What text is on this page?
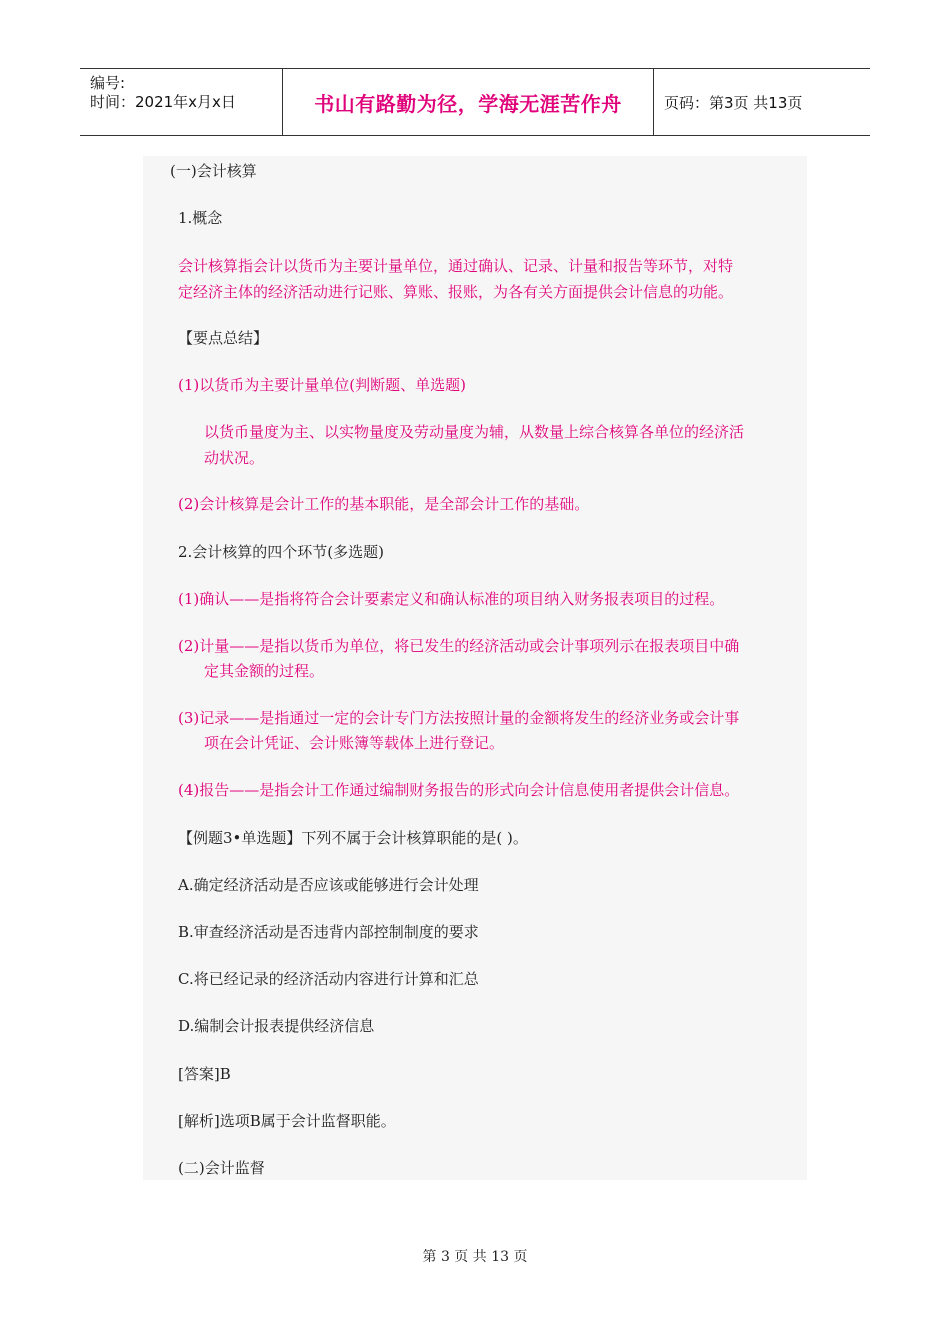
编号:
时间：2021年x月x日	书山有路勤为径，学海无涯苦作舟	页码：第3页 共13页
(一)会计核算
1.概念
会计核算指会计以货币为主要计量单位，通过确认、记录、计量和报告等环节，对特
定经济主体的经济活动进行记账、算账、报账，为各有关方面提供会计信息的功能。
【要点总结】
(1)以货币为主要计量单位(判断题、单选题)
以货币量度为主、以实物量度及劳动量度为辅，从数量上综合核算各单位的经济活
动状况。
(2)会计核算是会计工作的基本职能，是全部会计工作的基础。
2.会计核算的四个环节(多选题)
(1)确认——是指将符合会计要素定义和确认标准的项目纳入财务报表项目的过程。
(2)计量——是指以货币为单位，将已发生的经济活动或会计事项列示在报表项目中确
定其金额的过程。
(3)记录——是指通过一定的会计专门方法按照计量的金额将发生的经济业务或会计事
项在会计凭证、会计账簿等载体上进行登记。
(4)报告——是指会计工作通过编制财务报告的形式向会计信息使用者提供会计信息。
【例题3•单选题】下列不属于会计核算职能的是( )。
A.确定经济活动是否应该或能够进行会计处理
B.审查经济活动是否违背内部控制制度的要求
C.将已经记录的经济活动内容进行计算和汇总
D.编制会计报表提供经济信息
[答案]B
[解析]选项B属于会计监督职能。
(二)会计监督
第 3 页 共 13 页
